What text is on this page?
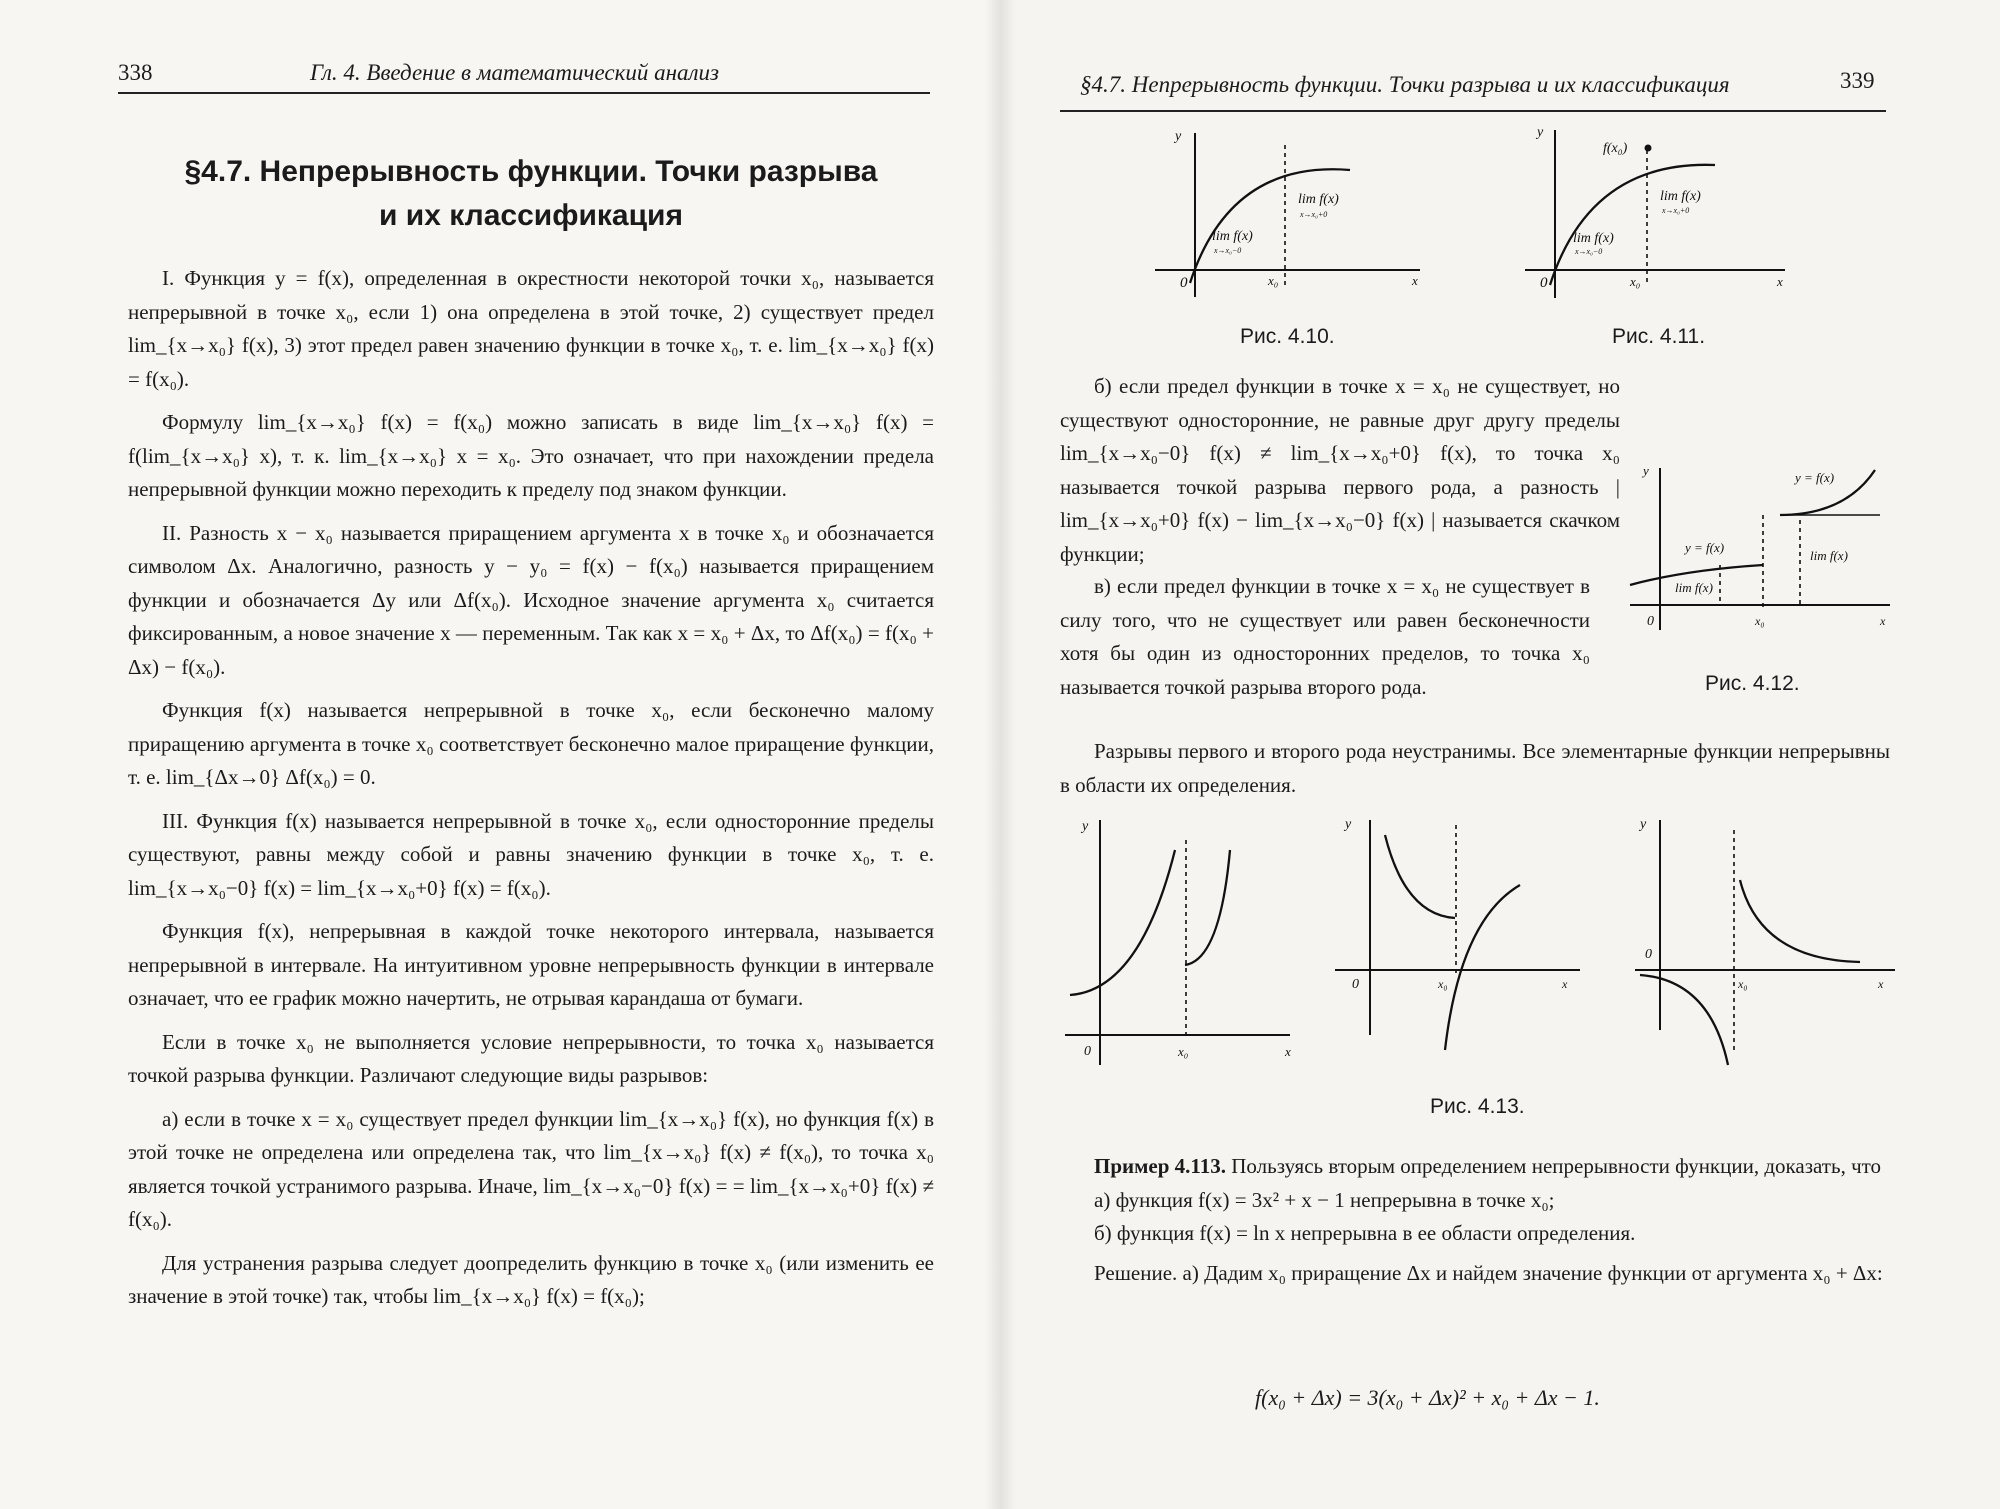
338	Гл. 4. Введение в математический анализ
§4.7. Непрерывность функции. Точки разрыва
и их классификация

I. Функция y = f(x), определенная в окрестности некоторой точки x₀, называется непрерывной в точке x₀, если 1) она определена в этой точке, 2) существует предел lim_{x→x₀} f(x), 3) этот предел равен значению функции в точке x₀, т. е. lim_{x→x₀} f(x) = f(x₀).

Формулу lim_{x→x₀} f(x) = f(x₀) можно записать в виде lim_{x→x₀} f(x) = f(lim_{x→x₀} x), т. к. lim_{x→x₀} x = x₀. Это означает, что при нахождении предела непрерывной функции можно переходить к пределу под знаком функции.

II. Разность x − x₀ называется приращением аргумента x в точке x₀ и обозначается символом Δx. Аналогично, разность y − y₀ = f(x) − f(x₀) называется приращением функции и обозначается Δy или Δf(x₀). Исходное значение аргумента x₀ считается фиксированным, а новое значение x — переменным. Так как x = x₀ + Δx, то Δf(x₀) = f(x₀ + Δx) − f(x₀).

Функция f(x) называется непрерывной в точке x₀, если бесконечно малому приращению аргумента в точке x₀ соответствует бесконечно малое приращение функции, т. е. lim_{Δx→0} Δf(x₀) = 0.

III. Функция f(x) называется непрерывной в точке x₀, если односторонние пределы существуют, равны между собой и равны значению функции в точке x₀, т. е. lim_{x→x₀−0} f(x) = lim_{x→x₀+0} f(x) = f(x₀).

Функция f(x), непрерывная в каждой точке некоторого интервала, называется непрерывной в интервале. На интуитивном уровне непрерывность функции в интервале означает, что ее график можно начертить, не отрывая карандаша от бумаги.

Если в точке x₀ не выполняется условие непрерывности, то точка x₀ называется точкой разрыва функции. Различают следующие виды разрывов:

а) если в точке x = x₀ существует предел функции lim_{x→x₀} f(x), но функция f(x) в этой точке не определена или определена так, что lim_{x→x₀} f(x) ≠ f(x₀), то точка x₀ является точкой устранимого разрыва. Иначе, lim_{x→x₀−0} f(x) = = lim_{x→x₀+0} f(x) ≠ f(x₀).

Для устранения разрыва следует доопределить функцию в точке x₀ (или изменить ее значение в этой точке) так, чтобы lim_{x→x₀} f(x) = f(x₀);

§4.7. Непрерывность функции. Точки разрыва и их классификация	339
y
0	x₀	x
lim f(x)
x→x₀+0
lim f(x)
x→x₀−0
Рис. 4.10.
y
f(x₀)
0	x₀	x
lim f(x)
x→x₀+0
lim f(x)
x→x₀−0
Рис. 4.11.

б) если предел функции в точке x = x₀ не существует, но существуют односторонние, не равные друг другу пределы lim_{x→x₀−0} f(x) ≠ lim_{x→x₀+0} f(x), то точка x₀ называется точкой разрыва первого рода, а разность | lim_{x→x₀+0} f(x) − lim_{x→x₀−0} f(x) | называется скачком функции;

в) если предел функции в точке x = x₀ не существует в силу того, что не существует или равен бесконечности хотя бы один из односторонних пределов, то точка x₀ называется точкой разрыва второго рода.

y	y = f(x)
y = f(x)
lim f(x)
lim f(x)
0	x₀	x
Рис. 4.12.

Разрывы первого и второго рода неустранимы. Все элементарные функции непрерывны в области их определения.

y
0	x₀	x
y
0	x₀	x
y
0
x₀	x
Рис. 4.13.

Пример 4.113. Пользуясь вторым определением непрерывности функции, доказать, что

а) функция f(x) = 3x² + x − 1 непрерывна в точке x₀;

б) функция f(x) = ln x непрерывна в ее области определения.

Решение. а) Дадим x₀ приращение Δx и найдем значение функции от аргумента x₀ + Δx:

f(x₀ + Δx) = 3(x₀ + Δx)² + x₀ + Δx − 1.
